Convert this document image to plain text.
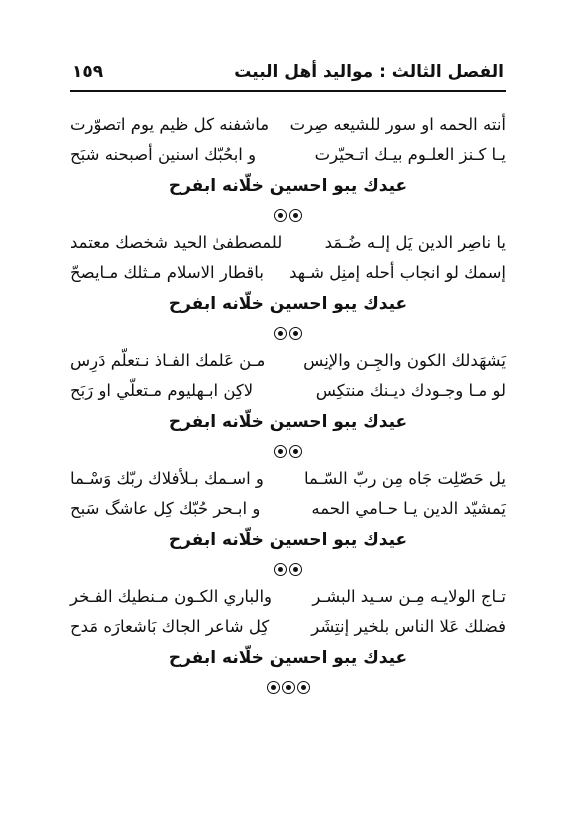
الفصل الثالث : مواليد أهل البيت
١٥٩
أنته الحمه او سور للشيعه صِرت
ماشفنه كل ظيم يوم اتصوّرت
يـا كـنز العلـوم بيـك اتـحيّرت
و ابحُبّك اسنين أصبحنه شبَح
عيدك يبو احسين خلّانه ابفرح
يا ناصِر الدين يَل إلـه ضُـمَد
للمصطفىٰ الحيد شخصك معتمد
إسمك لو انجاب أحله إمنِل شـهد
باقطار الاسلام مـثلك مـايصحّ
عيدك يبو احسين خلّانه ابفرح
يَشهَدلك الكون والجِـن والإنِس
مـن عَلمك الفـاذ نـتعلّم دَرِس
لو مـا وجـودك ديـنك منتكِس
لاكِن ابـهليوم مـتعلّي او رَبَح
عيدك يبو احسين خلّانه ابفرح
يل حَصّلِت جَاه مِن ربّ السّـما
و اسـمك بـلأفلاك ربّك وَسْـما
يَمشيّد الدين يـا حـامي الحمه
و ابـحر حُبّك كِل عاشگ سَبح
عيدك يبو احسين خلّانه ابفرح
تـاج الولايـه مِـن سـيد البشـر
والباري الكـون مـنطيك الفـخر
فضلك عَلا الناس بلخير إنتِشَر
كِل شاعر الجاك بَاشعارَه مَدح
عيدك يبو احسين خلّانه ابفرح
